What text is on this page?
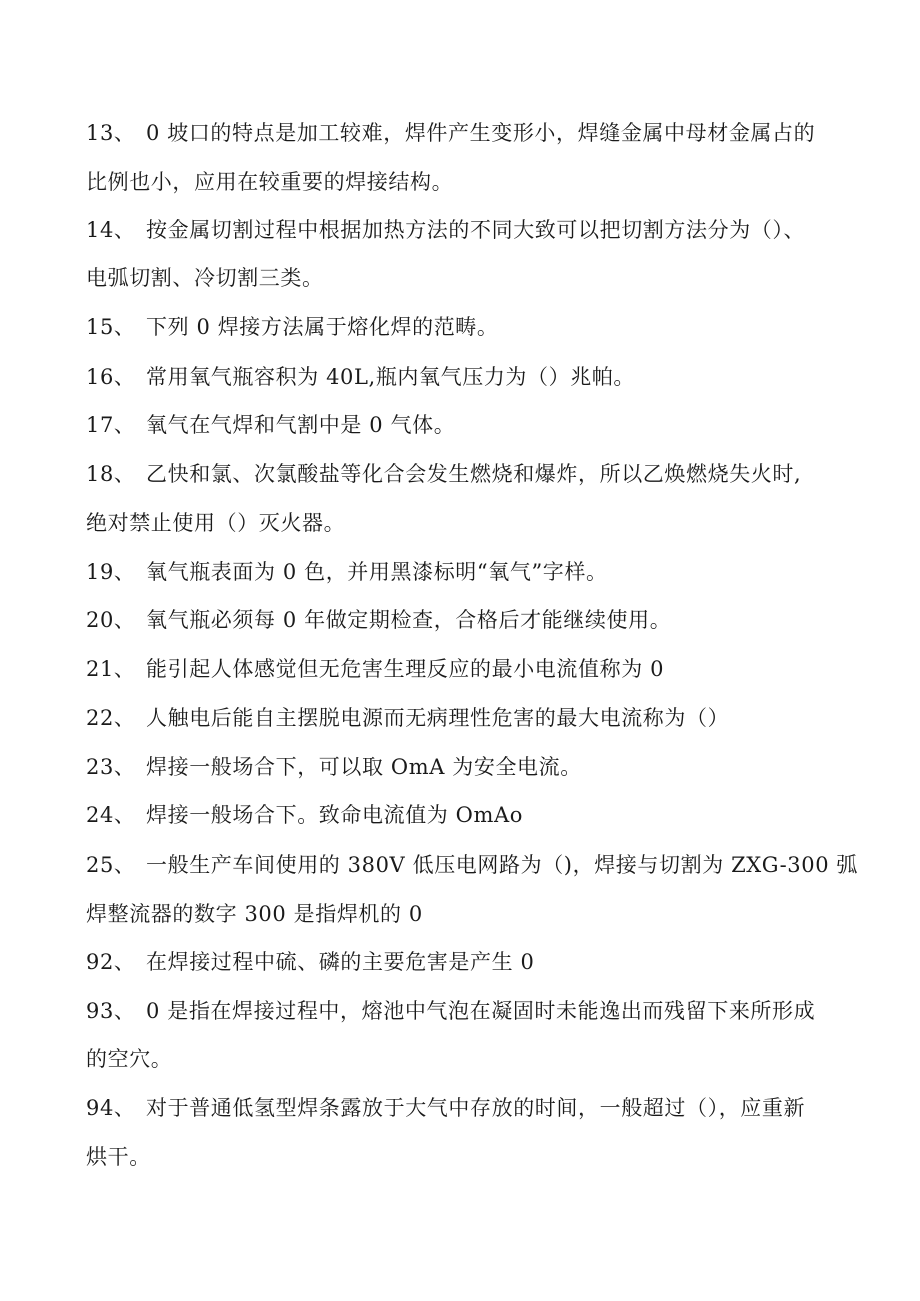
13、 0 坡口的特点是加工较难，焊件产生变形小，焊缝金属中母材金属占的
比例也小，应用在较重要的焊接结构。
14、 按金属切割过程中根据加热方法的不同大致可以把切割方法分为（）、
电弧切割、冷切割三类。
15、 下列 0 焊接方法属于熔化焊的范畴。
16、 常用氧气瓶容积为 40L,瓶内氧气压力为（）兆帕。
17、 氧气在气焊和气割中是 0 气体。
18、 乙快和氯、次氯酸盐等化合会发生燃烧和爆炸，所以乙焕燃烧失火时,
绝对禁止使用（）灭火器。
19、 氧气瓶表面为 0 色，并用黑漆标明“氧气”字样。
20、 氧气瓶必须每 0 年做定期检查，合格后才能继续使用。
21、 能引起人体感觉但无危害生理反应的最小电流值称为 0
22、 人触电后能自主摆脱电源而无病理性危害的最大电流称为（）
23、 焊接一般场合下，可以取 OmA 为安全电流。
24、 焊接一般场合下。致命电流值为 OmAo
25、 一般生产车间使用的 380V 低压电网路为（)，焊接与切割为 ZXG-300 弧
焊整流器的数字 300 是指焊机的 0
92、 在焊接过程中硫、磷的主要危害是产生 0
93、 0 是指在焊接过程中，熔池中气泡在凝固时未能逸出而残留下来所形成
的空穴。
94、 对于普通低氢型焊条露放于大气中存放的时间，一般超过（），应重新
烘干。
